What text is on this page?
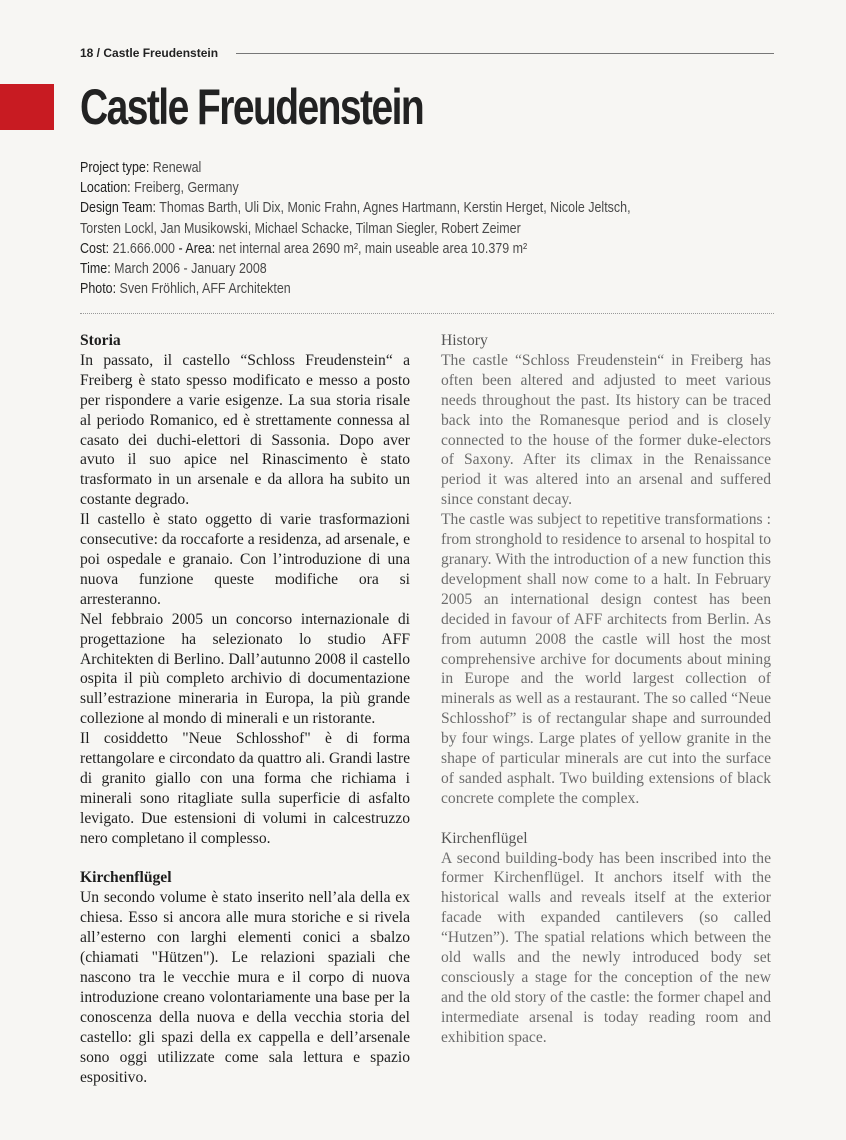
18 / Castle Freudenstein
Castle Freudenstein
Project type: Renewal
Location: Freiberg, Germany
Design Team: Thomas Barth, Uli Dix, Monic Frahn, Agnes Hartmann, Kerstin Herget, Nicole Jeltsch,
Torsten Lockl, Jan Musikowski, Michael Schacke, Tilman Siegler, Robert Zeimer
Cost: 21.666.000 - Area: net internal area 2690 m², main useable area 10.379 m²
Time: March 2006 - January 2008
Photo: Sven Fröhlich, AFF Architekten
Storia

In passato, il castello “Schloss Freudenstein“ a Freiberg è stato spesso modificato e messo a posto per rispondere a varie esigenze. La sua storia risale al periodo Romanico, ed è strettamente connessa al casato dei duchi-elettori di Sassonia. Dopo aver avuto il suo apice nel Rinascimento è stato trasformato in un arsenale e da allora ha subito un costante degrado.

Il castello è stato oggetto di varie trasformazioni consecutive: da roccaforte a residenza, ad arsenale, e poi ospedale e granaio. Con l’introduzione di una nuova funzione queste modifiche ora si arresteranno.

Nel febbraio 2005 un concorso internazionale di progettazione ha selezionato lo studio AFF Architekten di Berlino. Dall’autunno 2008 il castello ospita il più completo archivio di documentazione sull’estrazione mineraria in Europa, la più grande collezione al mondo di minerali e un ristorante.

Il cosiddetto "Neue Schlosshof" è di forma rettangolare e circondato da quattro ali. Grandi lastre di granito giallo con una forma che richiama i minerali sono ritagliate sulla superficie di asfalto levigato. Due estensioni di volumi in calcestruzzo nero completano il complesso.

Kirchenflügel

Un secondo volume è stato inserito nell’ala della ex chiesa. Esso si ancora alle mura storiche e si rivela all’esterno con larghi elementi conici a sbalzo (chiamati "Hützen"). Le relazioni spaziali che nascono tra le vecchie mura e il corpo di nuova introduzione creano volontariamente una base per la conoscenza della nuova e della vecchia storia del castello: gli spazi della ex cappella e dell’arsenale sono oggi utilizzate come sala lettura e spazio espositivo.

History

The castle “Schloss Freudenstein“ in Freiberg has often been altered and adjusted to meet various needs throughout the past. Its history can be traced back into the Romanesque period and is closely connected to the house of the former duke-electors of Saxony. After its climax in the Renaissance period it was altered into an arsenal and suffered since constant decay.

The castle was subject to repetitive transformations : from stronghold to residence to arsenal to hospital to granary. With the introduction of a new function this development shall now come to a halt. In February 2005 an international design contest has been decided in favour of AFF architects from Berlin. As from autumn 2008 the castle will host the most comprehensive archive for documents about mining in Europe and the world largest collection of minerals as well as a restaurant. The so called “Neue Schlosshof” is of rectangular shape and surrounded by four wings. Large plates of yellow granite in the shape of particular minerals are cut into the surface of sanded asphalt. Two building extensions of black concrete complete the complex.

Kirchenflügel

A second building-body has been inscribed into the former Kirchenflügel. It anchors itself with the historical walls and reveals itself at the exterior facade with expanded cantilevers (so called “Hutzen”). The spatial relations which between the old walls and the newly introduced body set consciously a stage for the conception of the new and the old story of the castle: the former chapel and intermediate arsenal is today reading room and exhibition space.
